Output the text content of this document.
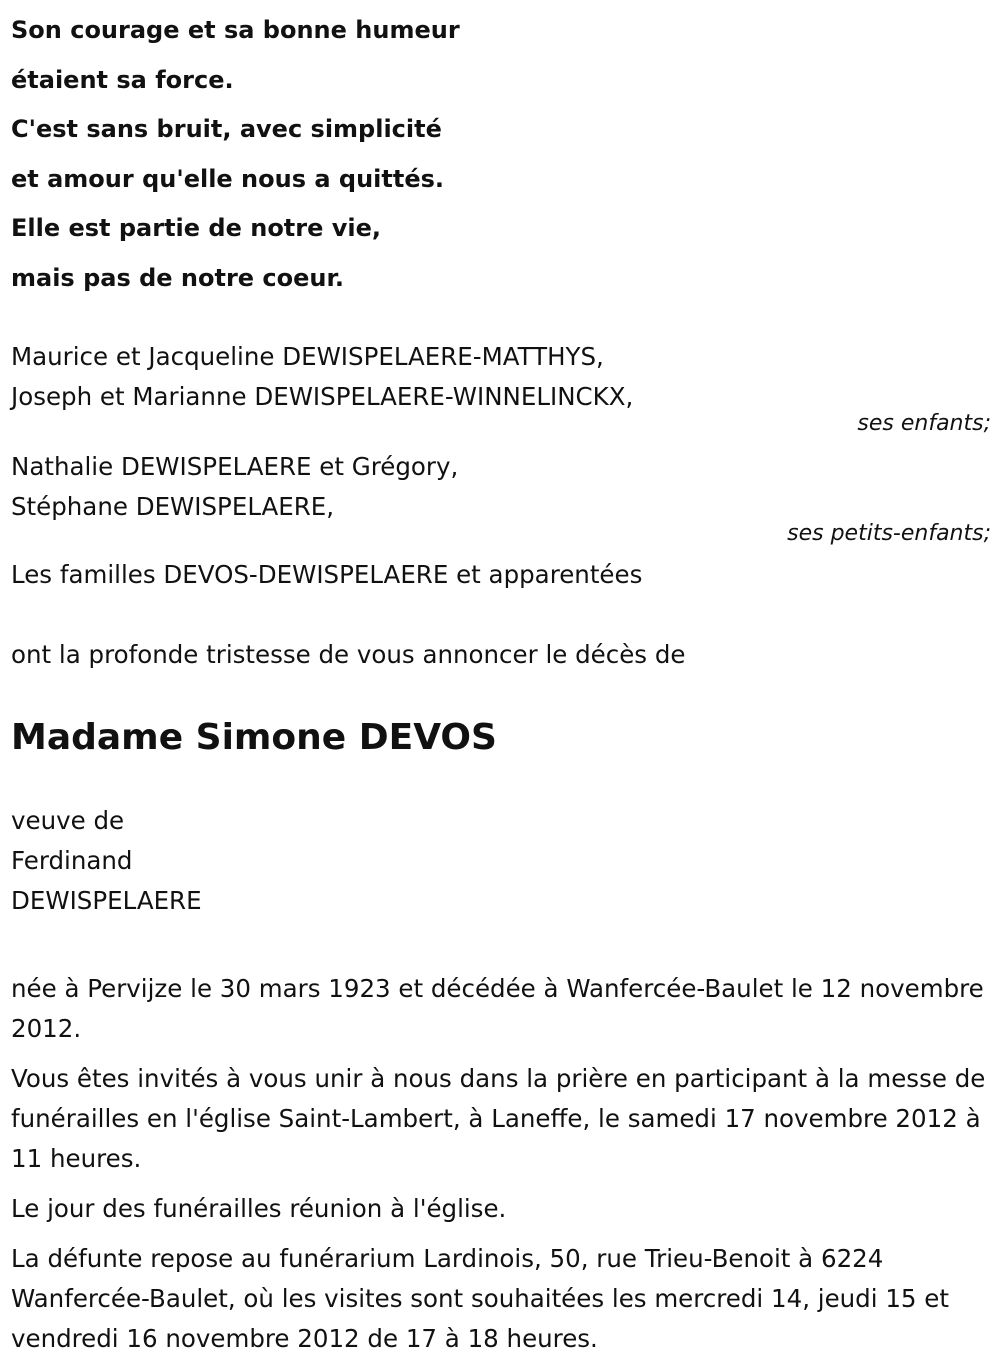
Son courage et sa bonne humeur
étaient sa force.
C'est sans bruit, avec simplicité
et amour qu'elle nous a quittés.
Elle est partie de notre vie,
mais pas de notre coeur.
Maurice et Jacqueline DEWISPELAERE-MATTHYS,
Joseph et Marianne DEWISPELAERE-WINNELINCKX,
ses enfants;
Nathalie DEWISPELAERE et Grégory,
Stéphane DEWISPELAERE,
ses petits-enfants;
Les familles DEVOS-DEWISPELAERE et apparentées
ont la profonde tristesse de vous annoncer le décès de
Madame Simone DEVOS
veuve de
Ferdinand
DEWISPELAERE
née à Pervijze le 30 mars 1923 et décédée à Wanfercée-Baulet le 12 novembre 2012.
Vous êtes invités à vous unir à nous dans la prière en participant à la messe de funérailles en l'église Saint-Lambert, à Laneffe, le samedi 17 novembre 2012 à 11 heures.
Le jour des funérailles réunion à l'église.
La défunte repose au funérarium Lardinois, 50, rue Trieu-Benoit à 6224 Wanfercée-Baulet, où les visites sont souhaitées les mercredi 14, jeudi 15 et vendredi 16 novembre 2012 de 17 à 18 heures.
